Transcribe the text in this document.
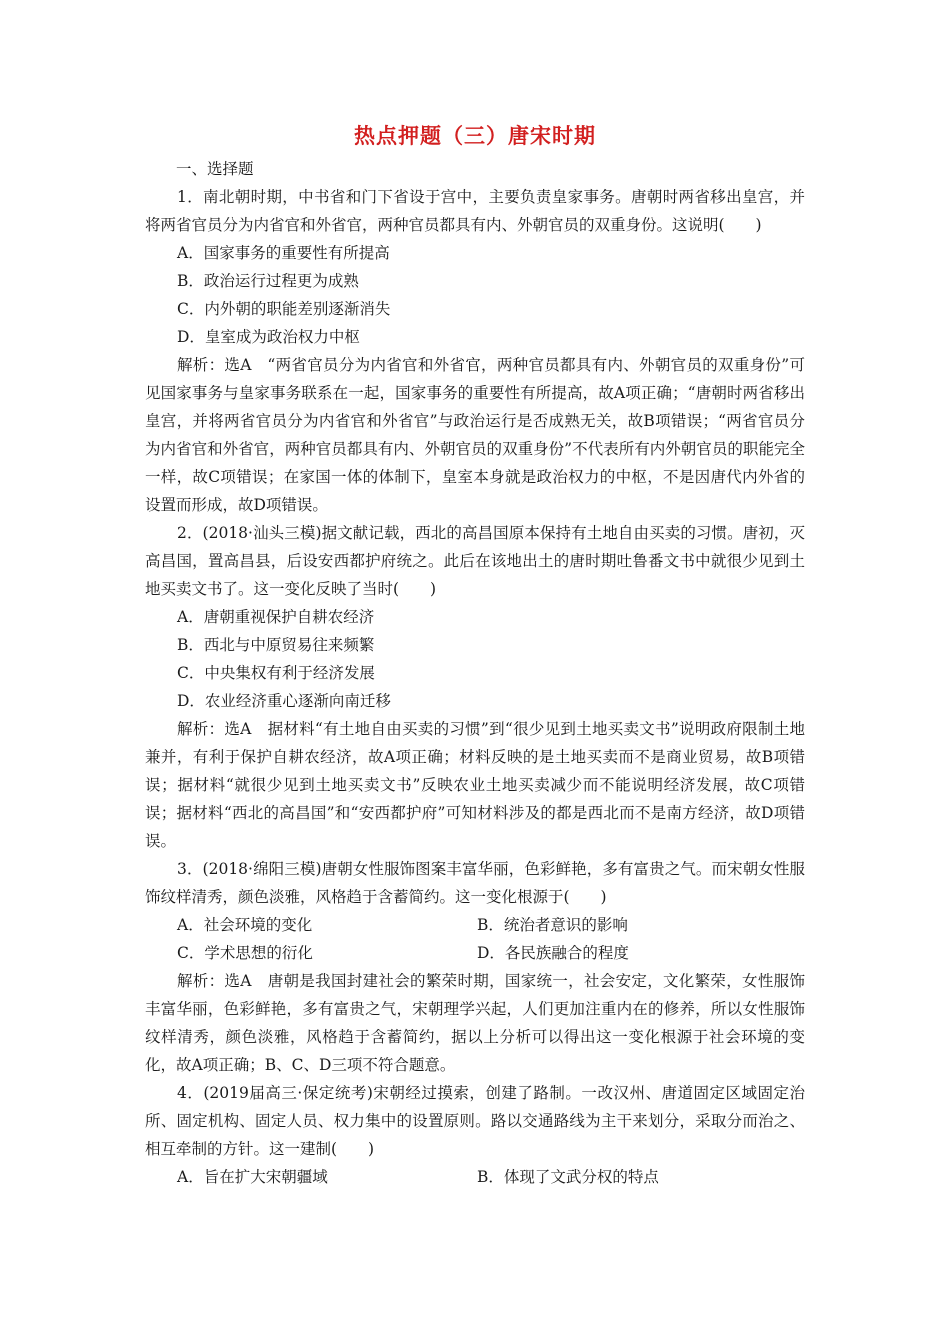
热点押题（三）唐宋时期
一、选择题

1．南北朝时期，中书省和门下省设于宫中，主要负责皇家事务。唐朝时两省移出皇宫，并将两省官员分为内省官和外省官，两种官员都具有内、外朝官员的双重身份。这说明(　　)

A．国家事务的重要性有所提高

B．政治运行过程更为成熟

C．内外朝的职能差别逐渐消失

D．皇室成为政治权力中枢

解析：选A “两省官员分为内省官和外省官，两种官员都具有内、外朝官员的双重身份”可见国家事务与皇家事务联系在一起，国家事务的重要性有所提高，故A项正确；“唐朝时两省移出皇宫，并将两省官员分为内省官和外省官”与政治运行是否成熟无关，故B项错误；“两省官员分为内省官和外省官，两种官员都具有内、外朝官员的双重身份”不代表所有内外朝官员的职能完全一样，故C项错误；在家国一体的体制下，皇室本身就是政治权力的中枢，不是因唐代内外省的设置而形成，故D项错误。

2．(2018·汕头三模)据文献记载，西北的高昌国原本保持有土地自由买卖的习惯。唐初，灭高昌国，置高昌县，后设安西都护府统之。此后在该地出土的唐时期吐鲁番文书中就很少见到土地买卖文书了。这一变化反映了当时(　　)

A．唐朝重视保护自耕农经济

B．西北与中原贸易往来频繁

C．中央集权有利于经济发展

D．农业经济重心逐渐向南迁移

解析：选A 据材料“有土地自由买卖的习惯”到“很少见到土地买卖文书”说明政府限制土地兼并，有利于保护自耕农经济，故A项正确；材料反映的是土地买卖而不是商业贸易，故B项错误；据材料“就很少见到土地买卖文书”反映农业土地买卖减少而不能说明经济发展，故C项错误；据材料“西北的高昌国”和“安西都护府”可知材料涉及的都是西北而不是南方经济，故D项错误。

3．(2018·绵阳三模)唐朝女性服饰图案丰富华丽，色彩鲜艳，多有富贵之气。而宋朝女性服饰纹样清秀，颜色淡雅，风格趋于含蓄简约。这一变化根源于(　　)

A．社会环境的变化	B．统治者意识的影响

C．学术思想的衍化	D．各民族融合的程度

解析：选A 唐朝是我国封建社会的繁荣时期，国家统一，社会安定，文化繁荣，女性服饰丰富华丽，色彩鲜艳，多有富贵之气，宋朝理学兴起，人们更加注重内在的修养，所以女性服饰纹样清秀，颜色淡雅，风格趋于含蓄简约，据以上分析可以得出这一变化根源于社会环境的变化，故A项正确；B、C、D三项不符合题意。

4．(2019届高三·保定统考)宋朝经过摸索，创建了路制。一改汉州、唐道固定区域固定治所、固定机构、固定人员、权力集中的设置原则。路以交通路线为主干来划分，采取分而治之、相互牵制的方针。这一建制(　　)

A．旨在扩大宋朝疆域	B．体现了文武分权的特点
